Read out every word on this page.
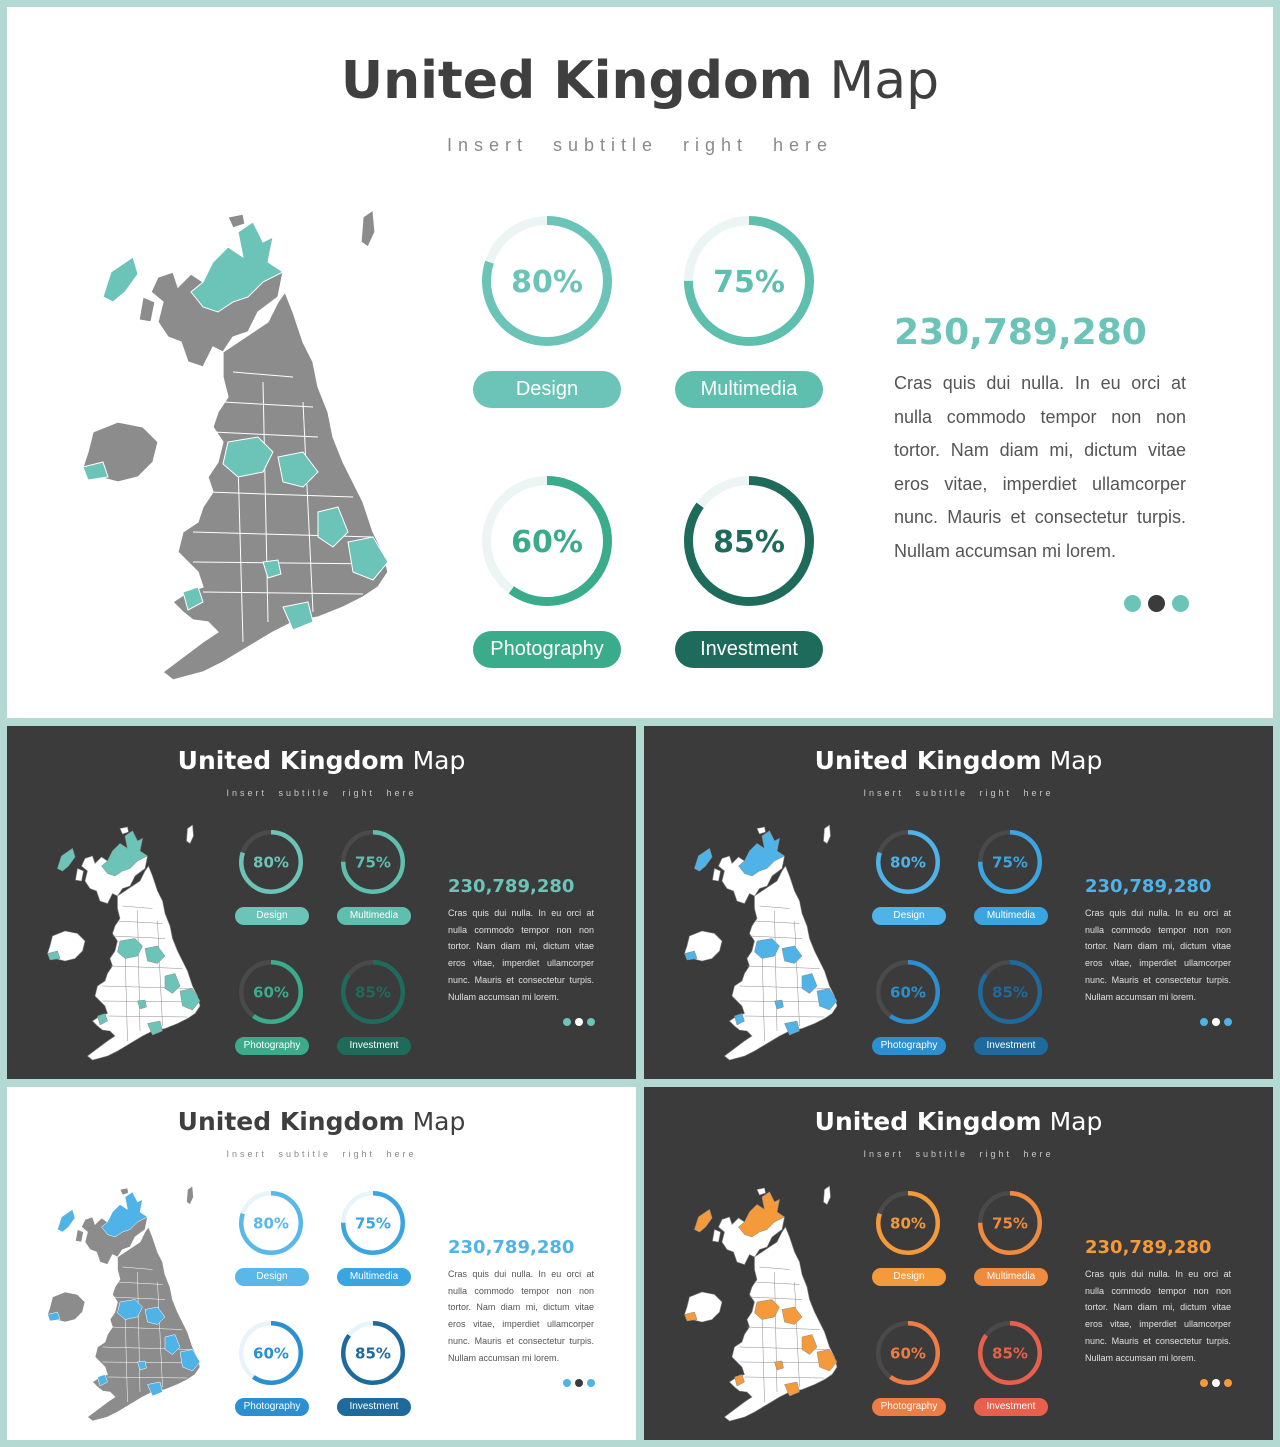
United Kingdom Map
Insert subtitle right here
80%
Design
75%
Multimedia
60%
Photography
85%
Investment
230,789,280
Cras quis dui nulla. In eu orci at nulla commodo tempor non non tortor. Nam diam mi, dictum vitae eros vitae, imperdiet ullamcorper nunc. Mauris et consectetur turpis. Nullam accumsan mi lorem.
United Kingdom Map
Insert subtitle right here
80%
Design
75%
Multimedia
60%
Photography
85%
Investment
230,789,280
Cras quis dui nulla. In eu orci at nulla commodo tempor non non tortor. Nam diam mi, dictum vitae eros vitae, imperdiet ullamcorper nunc. Mauris et consectetur turpis. Nullam accumsan mi lorem.
United Kingdom Map
Insert subtitle right here
80%
Design
75%
Multimedia
60%
Photography
85%
Investment
230,789,280
Cras quis dui nulla. In eu orci at nulla commodo tempor non non tortor. Nam diam mi, dictum vitae eros vitae, imperdiet ullamcorper nunc. Mauris et consectetur turpis. Nullam accumsan mi lorem.
United Kingdom Map
Insert subtitle right here
80%
Design
75%
Multimedia
60%
Photography
85%
Investment
230,789,280
Cras quis dui nulla. In eu orci at nulla commodo tempor non non tortor. Nam diam mi, dictum vitae eros vitae, imperdiet ullamcorper nunc. Mauris et consectetur turpis. Nullam accumsan mi lorem.
United Kingdom Map
Insert subtitle right here
80%
Design
75%
Multimedia
60%
Photography
85%
Investment
230,789,280
Cras quis dui nulla. In eu orci at nulla commodo tempor non non tortor. Nam diam mi, dictum vitae eros vitae, imperdiet ullamcorper nunc. Mauris et consectetur turpis. Nullam accumsan mi lorem.
